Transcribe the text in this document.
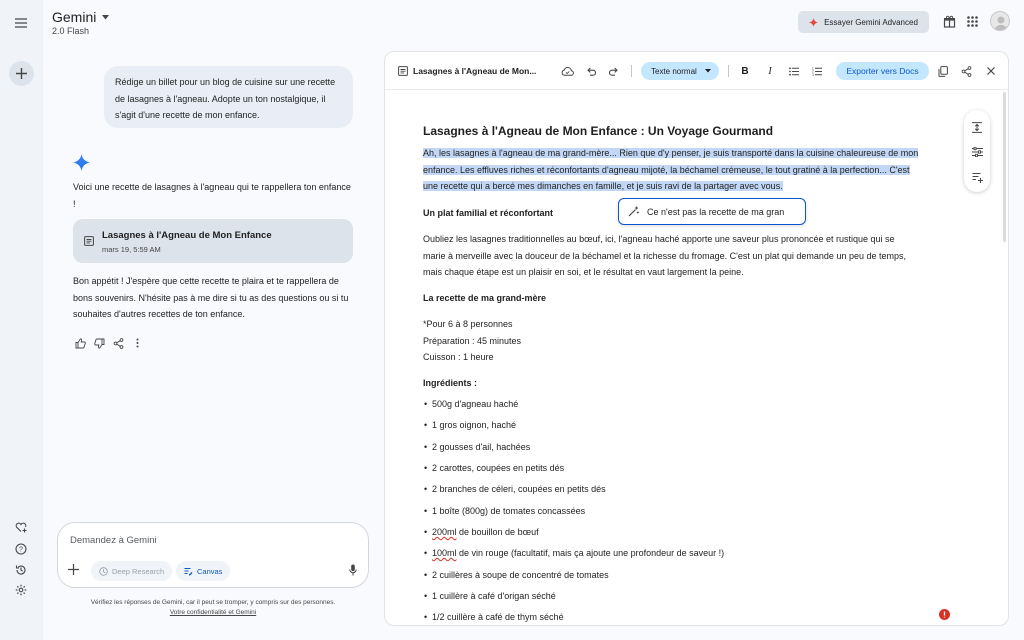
?
Gemini
2.0 Flash
Essayer Gemini Advanced
Rédige un billet pour un blog de cuisine sur une recette de lasagnes à l'agneau. Adopte un ton nostalgique, il s'agit d'une recette de mon enfance.
Voici une recette de lasagnes à l'agneau qui te rappellera ton enfance !
Lasagnes à l'Agneau de Mon Enfance
mars 19, 5:59 AM
Bon appétit ! J'espère que cette recette te plaira et te rappellera de bons souvenirs. N'hésite pas à me dire si tu as des questions ou si tu souhaites d'autres recettes de ton enfance.
Demandez à Gemini
Deep Research	Canvas
Vérifiez les réponses de Gemini, car il peut se tromper, y compris sur des personnes.
Votre confidentialité et Gemini
Lasagnes à l'Agneau de Mon...	Texte normal	B	I	1
2
3	Exporter vers Docs
Lasagnes à l'Agneau de Mon Enfance : Un Voyage Gourmand
Ah, les lasagnes à l'agneau de ma grand-mère... Rien que d'y penser, je suis transporté dans la cuisine chaleureuse de mon
enfance. Les effluves riches et réconfortants d'agneau mijoté, la béchamel crémeuse, le tout gratiné à la perfection... C'est
une recette qui a bercé mes dimanches en famille, et je suis ravi de la partager avec vous.
Un plat familial et réconfortant
Oubliez les lasagnes traditionnelles au bœuf, ici, l'agneau haché apporte une saveur plus prononcée et rustique qui se
marie à merveille avec la douceur de la béchamel et la richesse du fromage. C'est un plat qui demande un peu de temps,
mais chaque étape est un plaisir en soi, et le résultat en vaut largement la peine.
La recette de ma grand-mère
*Pour 6 à 8 personnes
Préparation : 45 minutes
Cuisson : 1 heure
Ingrédients :
• 500g d'agneau haché
• 1 gros oignon, haché
• 2 gousses d'ail, hachées
• 2 carottes, coupées en petits dés
• 2 branches de céleri, coupées en petits dés
• 1 boîte (800g) de tomates concassées
• 200ml de bouillon de bœuf
• 100ml de vin rouge (facultatif, mais ça ajoute une profondeur de saveur !)
• 2 cuillères à soupe de concentré de tomates
• 1 cuillère à café d'origan séché
• 1/2 cuillère à café de thym séché
Ce n'est pas la recette de ma gran
